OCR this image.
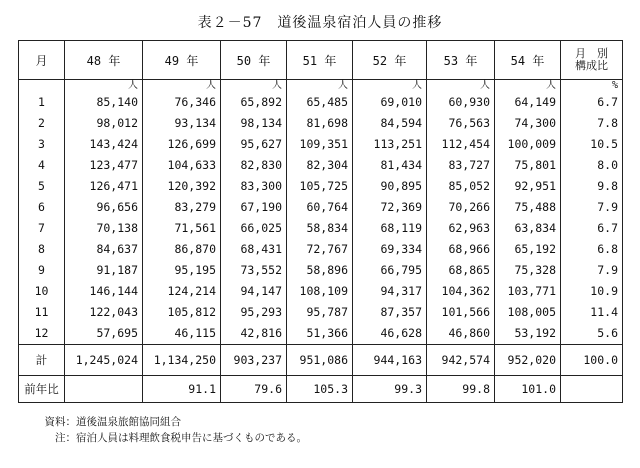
表２－57　道後温泉宿泊人員の推移
月	48 年	49 年	50 年	51 年	52 年	53 年	54 年	月　別
構成比

	人	人	人	人	人	人	人	%
1	85,140	76,346	65,892	65,485	69,010	60,930	64,149	6.7
2	98,012	93,134	98,134	81,698	84,594	76,563	74,300	7.8
3	143,424	126,699	95,627	109,351	113,251	112,454	100,009	10.5
4	123,477	104,633	82,830	82,304	81,434	83,727	75,801	8.0
5	126,471	120,392	83,300	105,725	90,895	85,052	92,951	9.8
6	96,656	83,279	67,190	60,764	72,369	70,266	75,488	7.9
7	70,138	71,561	66,025	58,834	68,119	62,963	63,834	6.7
8	84,637	86,870	68,431	72,767	69,334	68,966	65,192	6.8
9	91,187	95,195	73,552	58,896	66,795	68,865	75,328	7.9
10	146,144	124,214	94,147	108,109	94,317	104,362	103,771	10.9
11	122,043	105,812	95,293	95,787	87,357	101,566	108,005	11.4
12	57,695	46,115	42,816	51,366	46,628	46,860	53,192	5.6
計	1,245,024	1,134,250	903,237	951,086	944,163	942,574	952,020	100.0
前年比		91.1	79.6	105.3	99.3	99.8	101.0	
資料：道後温泉旅館協同組合
注：宿泊人員は料理飲食税申告に基づくものである。
